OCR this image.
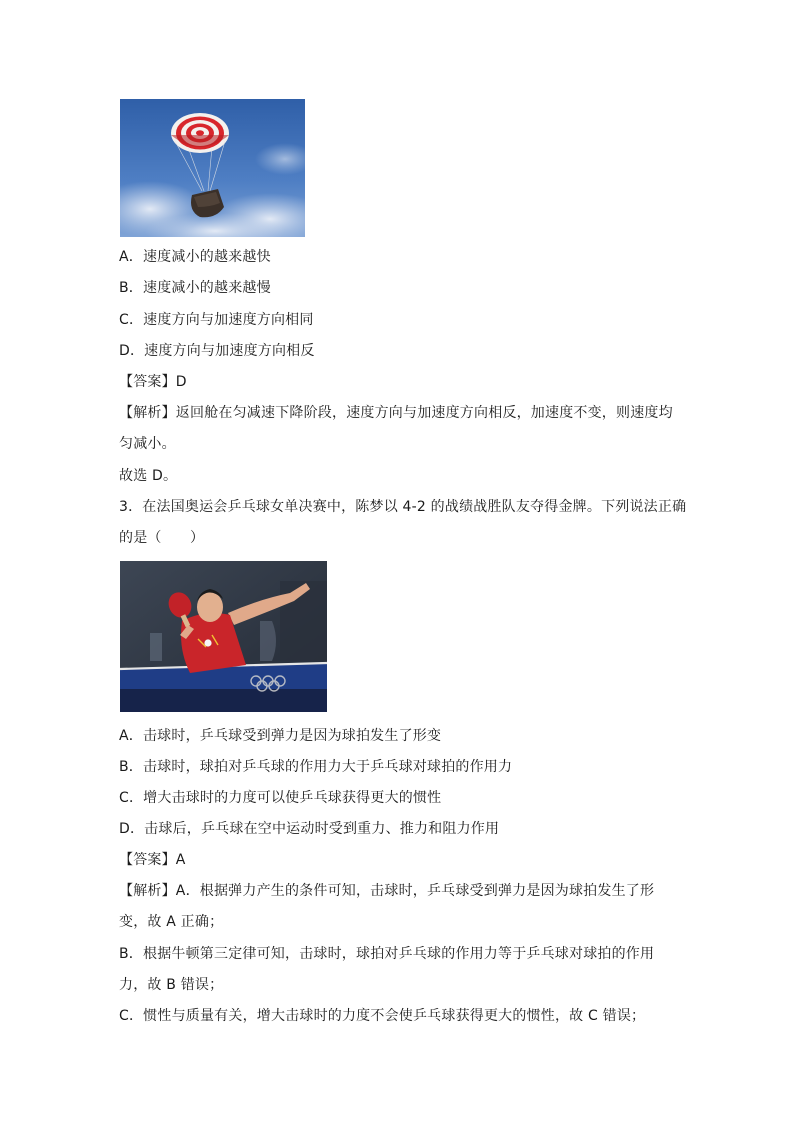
A．速度减小的越来越快
B．速度减小的越来越慢
C．速度方向与加速度方向相同
D．速度方向与加速度方向相反
【答案】D
【解析】返回舱在匀减速下降阶段，速度方向与加速度方向相反，加速度不变，则速度均
匀减小。
故选 D。
3．在法国奥运会乒乓球女单决赛中，陈梦以 4-2 的战绩战胜队友夺得金牌。下列说法正确
的是（　　）
A．击球时，乒乓球受到弹力是因为球拍发生了形变
B．击球时，球拍对乒乓球的作用力大于乒乓球对球拍的作用力
C．增大击球时的力度可以使乒乓球获得更大的惯性
D．击球后，乒乓球在空中运动时受到重力、推力和阻力作用
【答案】A
【解析】A．根据弹力产生的条件可知，击球时，乒乓球受到弹力是因为球拍发生了形
变，故 A 正确；
B．根据牛顿第三定律可知，击球时，球拍对乒乓球的作用力等于乒乓球对球拍的作用
力，故 B 错误；
C．惯性与质量有关，增大击球时的力度不会使乒乓球获得更大的惯性，故 C 错误；
